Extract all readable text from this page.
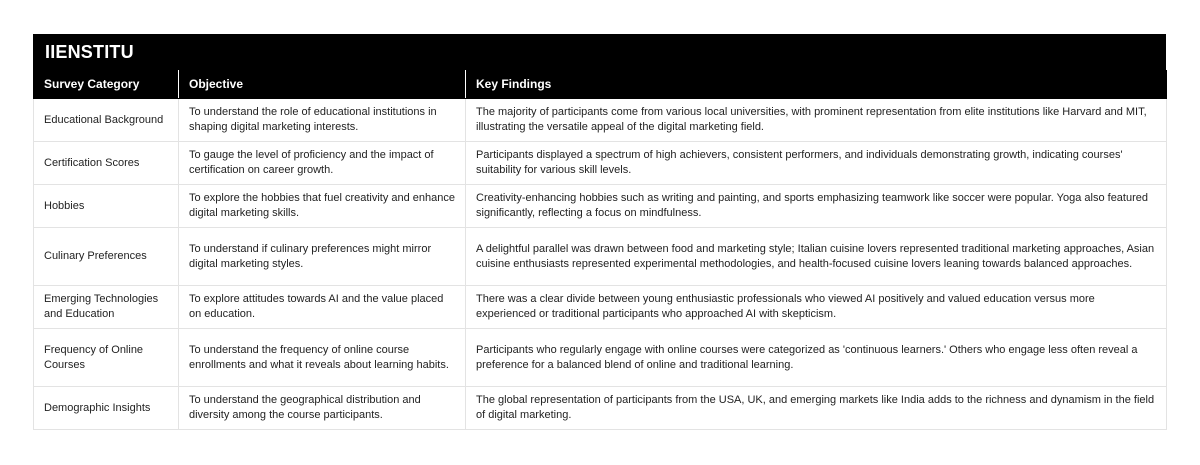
IIENSTITU
Survey Category	Objective	Key Findings
Educational Background	To understand the role of educational institutions in shaping digital marketing interests.	The majority of participants come from various local universities, with prominent representation from elite institutions like Harvard and MIT, illustrating the versatile appeal of the digital marketing field.
Certification Scores	To gauge the level of proficiency and the impact of certification on career growth.	Participants displayed a spectrum of high achievers, consistent performers, and individuals demonstrating growth, indicating courses' suitability for various skill levels.
Hobbies	To explore the hobbies that fuel creativity and enhance digital marketing skills.	Creativity-enhancing hobbies such as writing and painting, and sports emphasizing teamwork like soccer were popular. Yoga also featured significantly, reflecting a focus on mindfulness.
Culinary Preferences	To understand if culinary preferences might mirror digital marketing styles.	A delightful parallel was drawn between food and marketing style; Italian cuisine lovers represented traditional marketing approaches, Asian cuisine enthusiasts represented experimental methodologies, and health-focused cuisine lovers leaning towards balanced approaches.
Emerging Technologies and Education	To explore attitudes towards AI and the value placed on education.	There was a clear divide between young enthusiastic professionals who viewed AI positively and valued education versus more experienced or traditional participants who approached AI with skepticism.
Frequency of Online Courses	To understand the frequency of online course enrollments and what it reveals about learning habits.	Participants who regularly engage with online courses were categorized as 'continuous learners.' Others who engage less often reveal a preference for a balanced blend of online and traditional learning.
Demographic Insights	To understand the geographical distribution and diversity among the course participants.	The global representation of participants from the USA, UK, and emerging markets like India adds to the richness and dynamism in the field of digital marketing.
